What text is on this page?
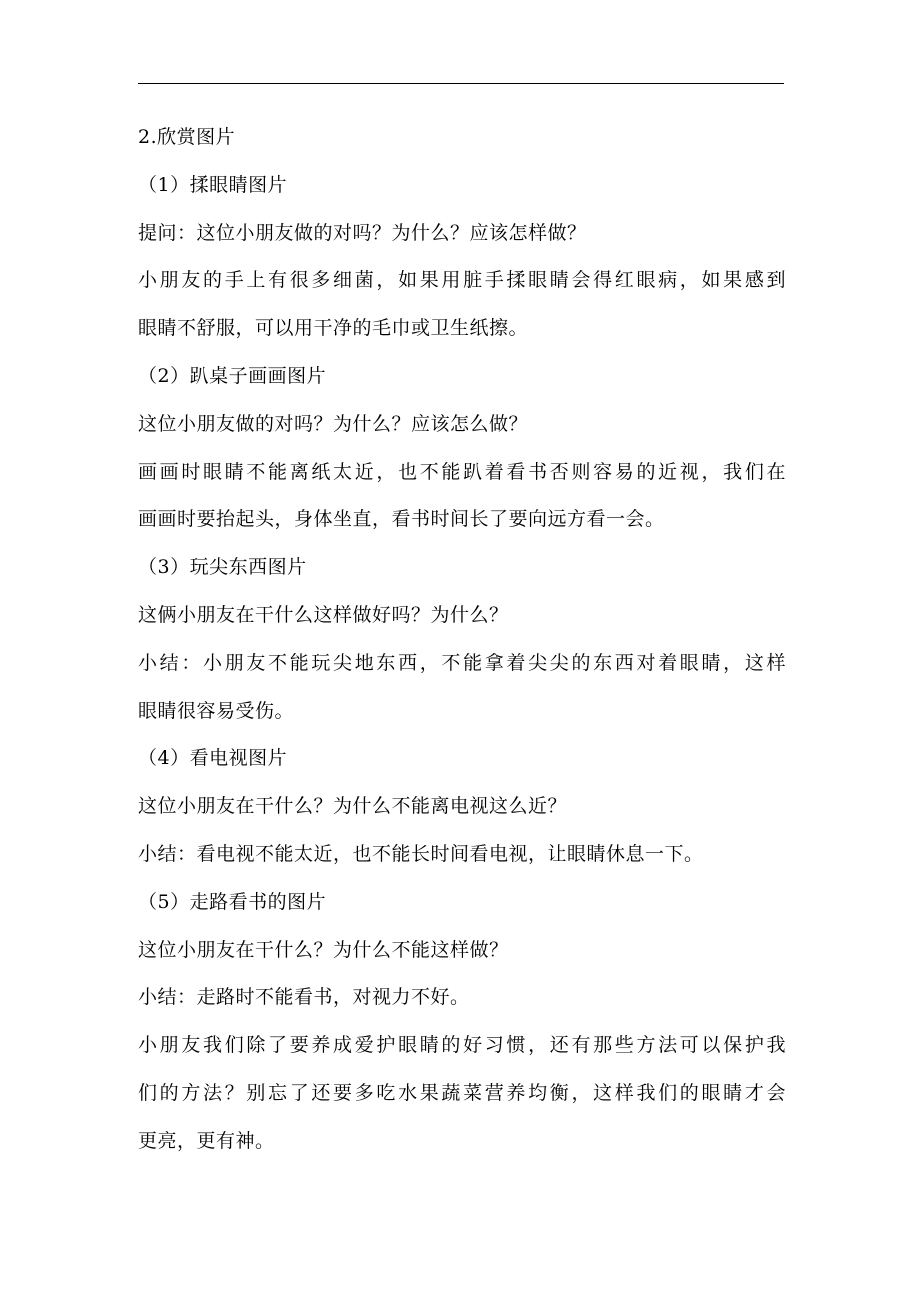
2.欣赏图片
（1）揉眼睛图片
提问：这位小朋友做的对吗？为什么？应该怎样做？
小朋友的手上有很多细菌，如果用脏手揉眼睛会得红眼病，如果感到
眼睛不舒服，可以用干净的毛巾或卫生纸擦。
（2）趴桌子画画图片
这位小朋友做的对吗？为什么？应该怎么做？
画画时眼睛不能离纸太近，也不能趴着看书否则容易的近视，我们在
画画时要抬起头，身体坐直，看书时间长了要向远方看一会。
（3）玩尖东西图片
这俩小朋友在干什么这样做好吗？为什么？
小结：小朋友不能玩尖地东西，不能拿着尖尖的东西对着眼睛，这样
眼睛很容易受伤。
（4）看电视图片
这位小朋友在干什么？为什么不能离电视这么近？
小结：看电视不能太近，也不能长时间看电视，让眼睛休息一下。
（5）走路看书的图片
这位小朋友在干什么？为什么不能这样做？
小结：走路时不能看书，对视力不好。
小朋友我们除了要养成爱护眼睛的好习惯，还有那些方法可以保护我
们的方法？别忘了还要多吃水果蔬菜营养均衡，这样我们的眼睛才会
更亮，更有神。
